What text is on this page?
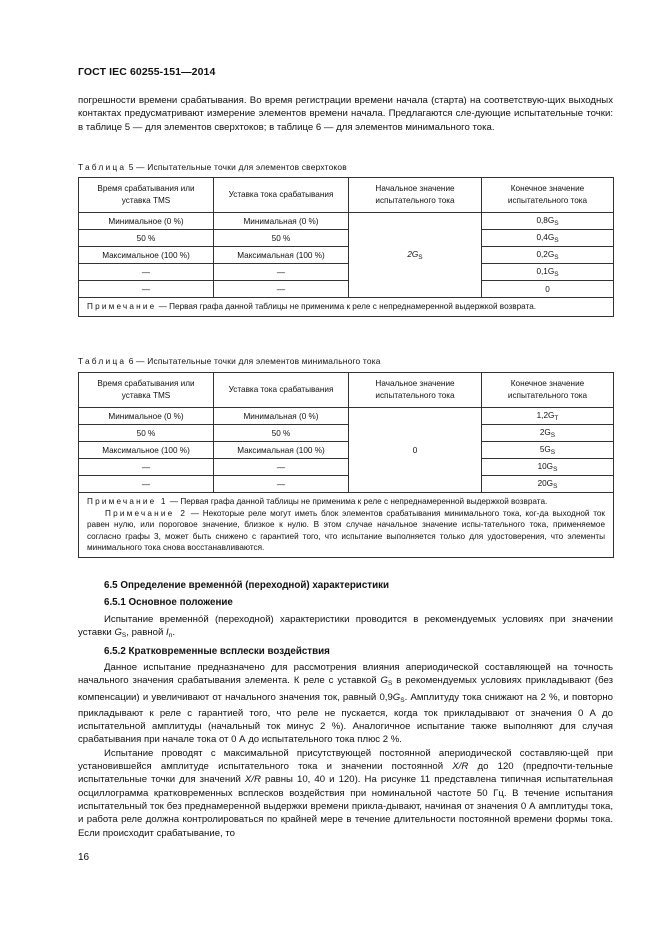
ГОСТ IEC 60255-151—2014

погрешности времени срабатывания. Во время регистрации времени начала (старта) на соответствую-щих выходных контактах предусматривают измерение элементов времени начала. Предлагаются сле-дующие испытательные точки: в таблице 5 — для элементов сверхтоков; в таблице 6 — для элементов минимального тока.

Таблица 5 — Испытательные точки для элементов сверхтоков
Время срабатывания или уставка TMS	Уставка тока срабатывания	Начальное значение испытательного тока	Конечное значение испытательного тока
Минимальное (0 %)	Минимальная (0 %)	$2G_S$	$0,8G_S$
50 %	50 %		$0,4G_S$
Максимальное (100 %)	Максимальная (100 %)		$0,2G_S$
—	—		$0,1G_S$
—	—		0

Примечание — Первая графа данной таблицы не применима к реле с непреднамеренной выдержкой возврата.			

Таблица 6 — Испытательные точки для элементов минимального тока
Время срабатывания или уставка TMS	Уставка тока срабатывания	Начальное значение испытательного тока	Конечное значение испытательного тока
Минимальное (0 %)	Минимальная (0 %)	0	$1,2G_T$
50 %	50 %		$2G_S$
Максимальное (100 %)	Максимальная (100 %)		$5G_S$
—	—		$10G_S$
—	—		$20G_S$

Примечание 1 — Первая графа данной таблицы не применима к реле с непреднамеренной выдержкой возврата.

Примечание 2 — Некоторые реле могут иметь блок элементов срабатывания минимального тока, ког-да выходной ток равен нулю, или пороговое значение, близкое к нулю. В этом случае начальное значение испы-тательного тока, применяемое согласно графы 3, может быть снижено с гарантией того, что испытание выполняется только для удостоверения, что элементы минимального тока снова восстанавливаются.			

6.5 Определение временно́й (переходной) характеристики
6.5.1 Основное положение

Испытание временно́й (переходной) характеристики проводится в рекомендуемых условиях при значении уставки $G_S$, равной $I_n$.

6.5.2 Кратковременные всплески воздействия

Данное испытание предназначено для рассмотрения влияния апериодической составляющей на точность начального значения срабатывания элемента. К реле с уставкой $G_S$ в рекомендуемых условиях прикладывают (без компенсации) и увеличивают от начального значения ток, равный $0,9G_S$. Амплитуду тока снижают на 2 %, и повторно прикладывают к реле с гарантией того, что реле не пускается, когда ток прикладывают от значения 0 А до испытательной амплитуды (начальный ток минус 2 %). Аналогичное испытание также выполняют для случая срабатывания при начале тока от 0 А до испытательного тока плюс 2 %.

Испытание проводят с максимальной присутствующей постоянной апериодической составляю-щей при установившейся амплитуде испытательного тока и значении постоянной X/R до 120 (предпочти-тельные испытательные точки для значений X/R равны 10, 40 и 120). На рисунке 11 представлена типичная испытательная осциллограмма кратковременных всплесков воздействия при номинальной частоте 50 Гц. В течение испытания испытательный ток без преднамеренной выдержки времени прикла-дывают, начиная от значения 0 А амплитуды тока, и работа реле должна контролироваться по крайней мере в течение длительности постоянной времени формы тока. Если происходит срабатывание, то

16
